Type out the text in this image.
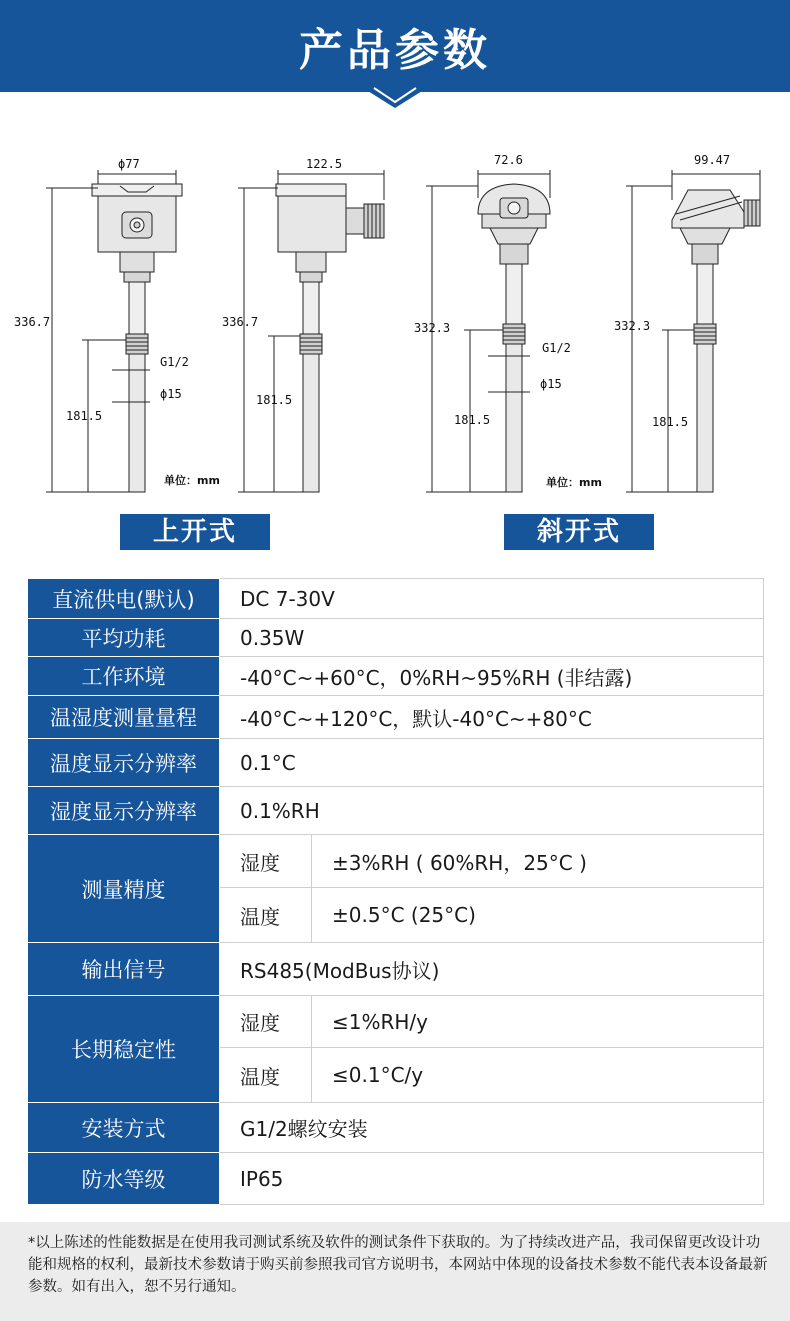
产品参数
ϕ77
336.7
181.5
G1/2
ϕ15
单位：mm
122.5
336.7
181.5
72.6
332.3
181.5
G1/2
ϕ15
单位：mm
99.47
332.3
181.5
上开式	斜开式
直流供电(默认)	DC 7-30V	
平均功耗	0.35W	
工作环境	-40°C~+60°C，0%RH~95%RH (非结露)	
温湿度测量量程	-40°C~+120°C，默认-40°C~+80°C	
温度显示分辨率	0.1°C	
湿度显示分辨率	0.1%RH	
测量精度	湿度	±3%RH ( 60%RH，25°C )
	温度	±0.5°C (25°C)
输出信号	RS485(ModBus协议)	
长期稳定性	湿度	≤1%RH/y
	温度	≤0.1°C/y
安装方式	G1/2螺纹安装	
防水等级	IP65	

*以上陈述的性能数据是在使用我司测试系统及软件的测试条件下获取的。为了持续改进产品，我司保留更改设计功能和规格的权利，最新技术参数请于购买前参照我司官方说明书，本网站中体现的设备技术参数不能代表本设备最新参数。如有出入，恕不另行通知。
